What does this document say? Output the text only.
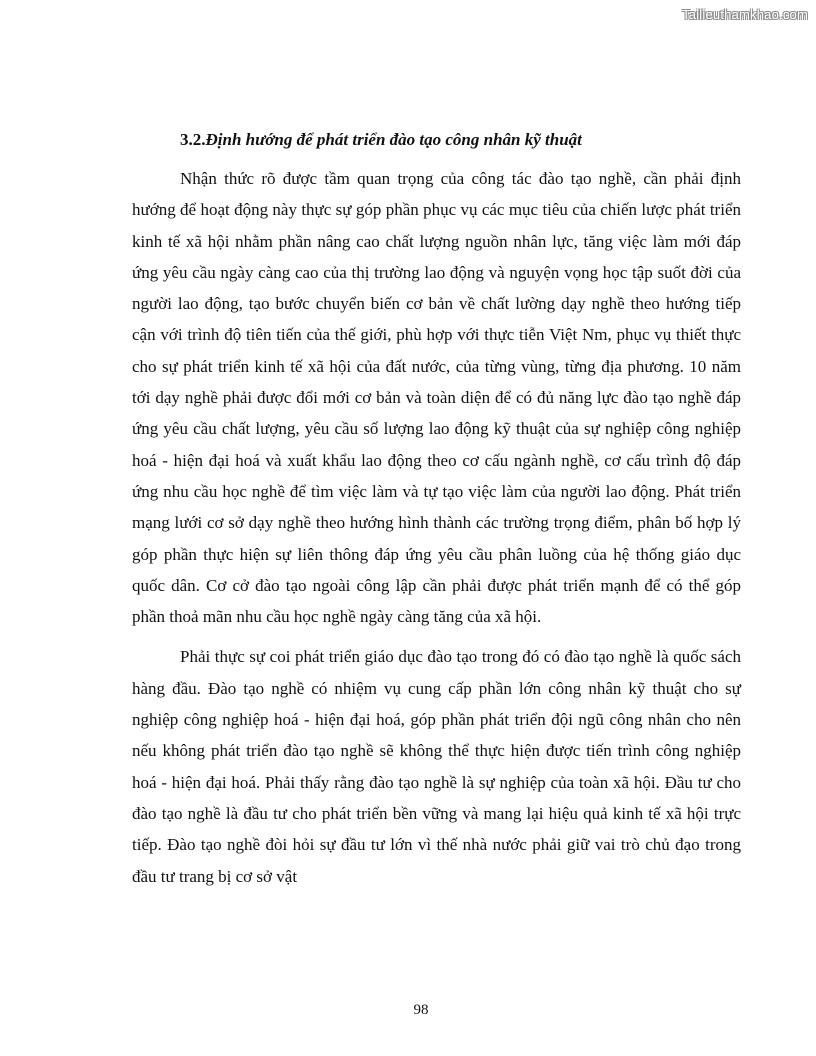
Tailieuthamkhao.com
3.2.Định hướng để phát triển đào tạo công nhân kỹ thuật

Nhận thức rõ được tầm quan trọng của công tác đào tạo nghề, cần phải định hướng để hoạt động này thực sự góp phần phục vụ các mục tiêu của chiến lược phát triển kinh tế xã hội nhằm phần nâng cao chất lượng nguồn nhân lực, tăng việc làm mới đáp ứng yêu cầu ngày càng cao của thị trường lao động và nguyện vọng học tập suốt đời của người lao động, tạo bước chuyển biến cơ bản về chất lường dạy nghề theo hướng tiếp cận với trình độ tiên tiến của thế giới, phù hợp với thực tiễn Việt Nm, phục vụ thiết thực cho sự phát triển kinh tế xã hội của đất nước, của từng vùng, từng địa phương. 10 năm tới dạy nghề phải được đổi mới cơ bản và toàn diện để có đủ năng lực đào tạo nghề đáp ứng yêu cầu chất lượng, yêu cầu số lượng lao động kỹ thuật của sự nghiệp công nghiệp hoá - hiện đại hoá và xuất khẩu lao động theo cơ cấu ngành nghề, cơ cấu trình độ đáp ứng nhu cầu học nghề để tìm việc làm và tự tạo việc làm của người lao động. Phát triển mạng lưới cơ sở dạy nghề theo hướng hình thành các trường trọng điểm, phân bố hợp lý góp phần thực hiện sự liên thông đáp ứng yêu cầu phân luồng của hệ thống giáo dục quốc dân. Cơ cở đào tạo ngoài công lập cần phải được phát triển mạnh để có thể góp phần thoả mãn nhu cầu học nghề ngày càng tăng của xã hội.

Phải thực sự coi phát triển giáo dục đào tạo trong đó có đào tạo nghề là quốc sách hàng đầu. Đào tạo nghề có nhiệm vụ cung cấp phần lớn công nhân kỹ thuật cho sự nghiệp công nghiệp hoá - hiện đại hoá, góp phần phát triển đội ngũ công nhân cho nên nếu không phát triển đào tạo nghề sẽ không thể thực hiện được tiến trình công nghiệp hoá - hiện đại hoá. Phải thấy rằng đào tạo nghề là sự nghiệp của toàn xã hội. Đầu tư cho đào tạo nghề là đầu tư cho phát triển bền vững và mang lại hiệu quả kinh tế xã hội trực tiếp. Đào tạo nghề đòi hỏi sự đầu tư lớn vì thế nhà nước phải giữ vai trò chủ đạo trong đầu tư trang bị cơ sở vật

98
